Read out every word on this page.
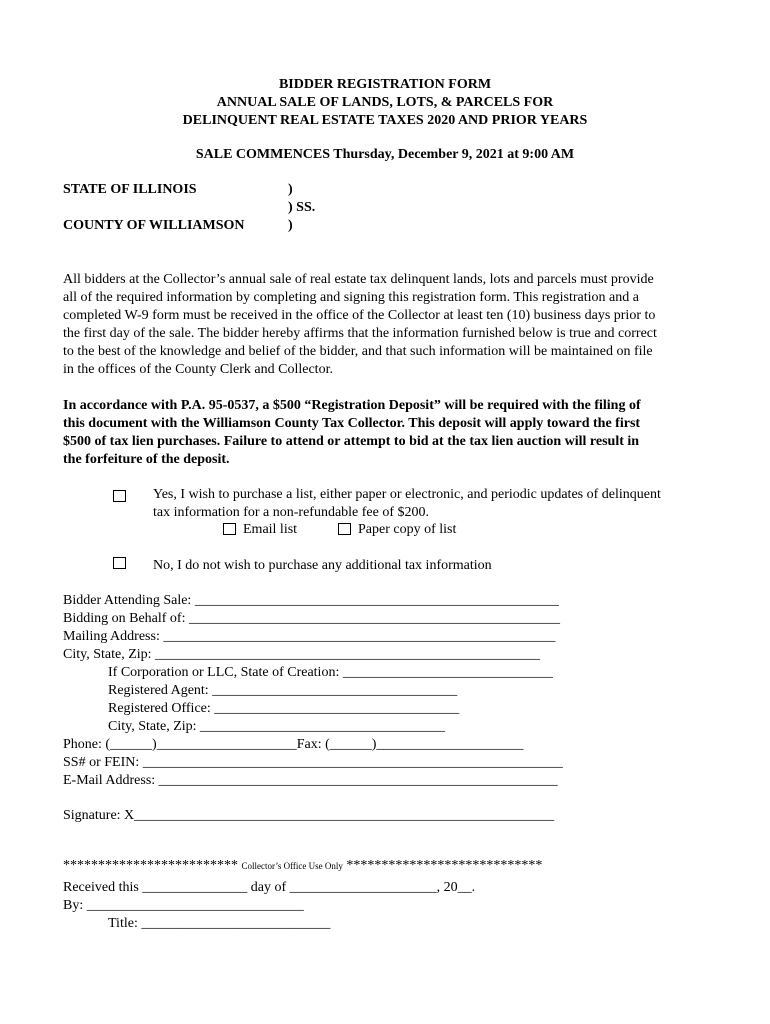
BIDDER REGISTRATION FORM
ANNUAL SALE OF LANDS, LOTS, & PARCELS FOR
DELINQUENT REAL ESTATE TAXES 2020 AND PRIOR YEARS
SALE COMMENCES Thursday, December 9, 2021 at 9:00 AM
STATE OF ILLINOIS
COUNTY OF WILLIAMSON
)
) SS.
)
All bidders at the Collector’s annual sale of real estate tax delinquent lands, lots and parcels must provide
all of the required information by completing and signing this registration form. This registration and a
completed W-9 form must be received in the office of the Collector at least ten (10) business days prior to
the first day of the sale. The bidder hereby affirms that the information furnished below is true and correct
to the best of the knowledge and belief of the bidder, and that such information will be maintained on file
in the offices of the County Clerk and Collector.
In accordance with P.A. 95-0537, a $500 “Registration Deposit” will be required with the filing of
this document with the Williamson County Tax Collector. This deposit will apply toward the first
$500 of tax lien purchases. Failure to attend or attempt to bid at the tax lien auction will result in
the forfeiture of the deposit.
Yes, I wish to purchase a list, either paper or electronic, and periodic updates of delinquent
tax information for a non-refundable fee of $200.
Email list	Paper copy of list
No, I do not wish to purchase any additional tax information
Bidder Attending Sale: ____________________________________________________
Bidding on Behalf of: _____________________________________________________
Mailing Address: ________________________________________________________
City, State, Zip: _______________________________________________________
If Corporation or LLC, State of Creation: ______________________________
Registered Agent: ___________________________________
Registered Office: ___________________________________
City, State, Zip: ___________________________________
Phone: (______)____________________Fax: (______)_____________________
SS# or FEIN: ____________________________________________________________
E-Mail Address: _________________________________________________________
Signature: X____________________________________________________________
************************* Collector’s Office Use Only ****************************
Received this _______________ day of _____________________, 20__.
By: _______________________________
Title: ___________________________
